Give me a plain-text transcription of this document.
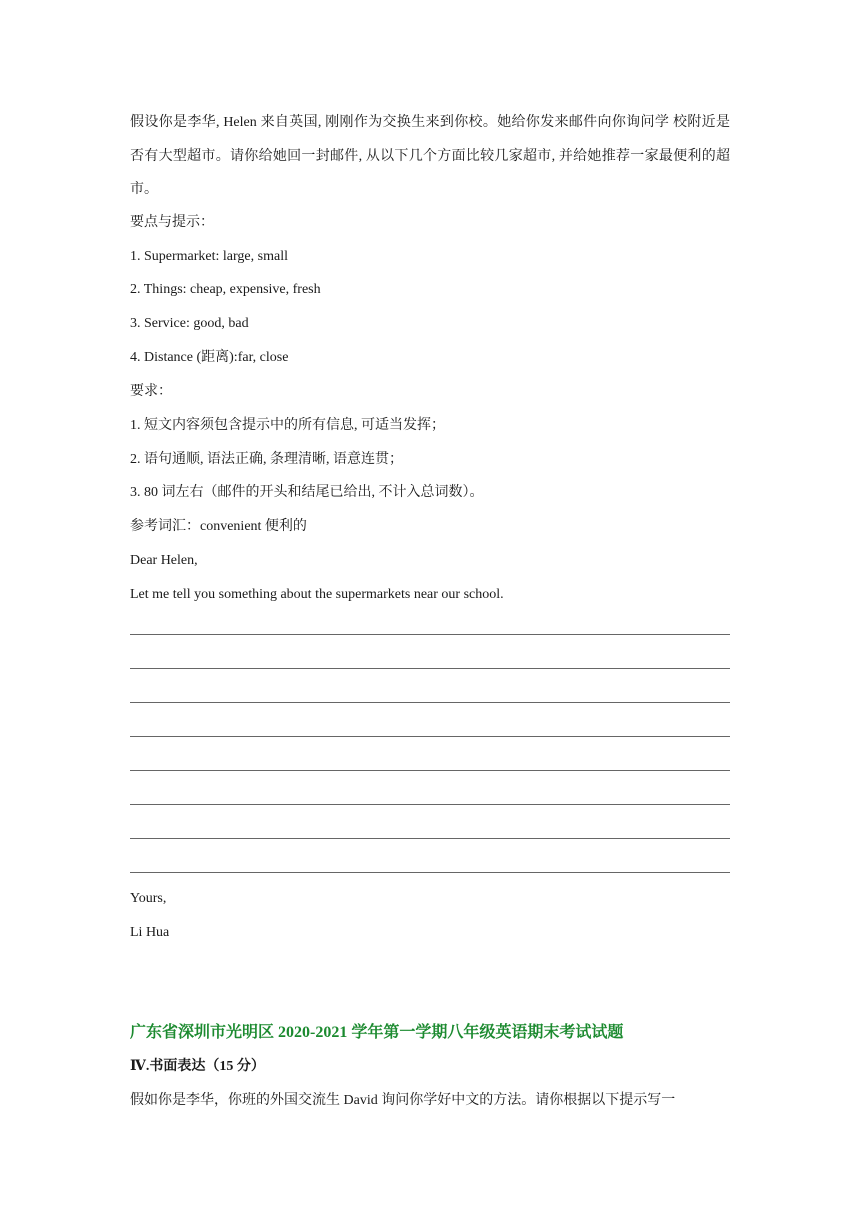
假设你是李华, Helen 来自英国, 刚刚作为交换生来到你校。她给你发来邮件向你询问学 校附近是否有大型超市。请你给她回一封邮件, 从以下几个方面比较几家超市, 并给她推荐一家最便利的超市。
要点与提示：
1. Supermarket: large, small
2. Things: cheap, expensive, fresh
3. Service: good, bad
4. Distance (距离):far, close
要求：
1. 短文内容须包含提示中的所有信息, 可适当发挥；
2. 语句通顺, 语法正确, 条理清晰, 语意连贯；
3. 80 词左右（邮件的开头和结尾已给出, 不计入总词数）。
参考词汇：convenient 便利的
Dear Helen,
Let me tell you something about the supermarkets near our school.
Yours,
Li Hua
广东省深圳市光明区 2020-2021 学年第一学期八年级英语期末考试试题
Ⅳ.书面表达（15 分）
假如你是李华，你班的外国交流生 David 询问你学好中文的方法。请你根据以下提示写一
